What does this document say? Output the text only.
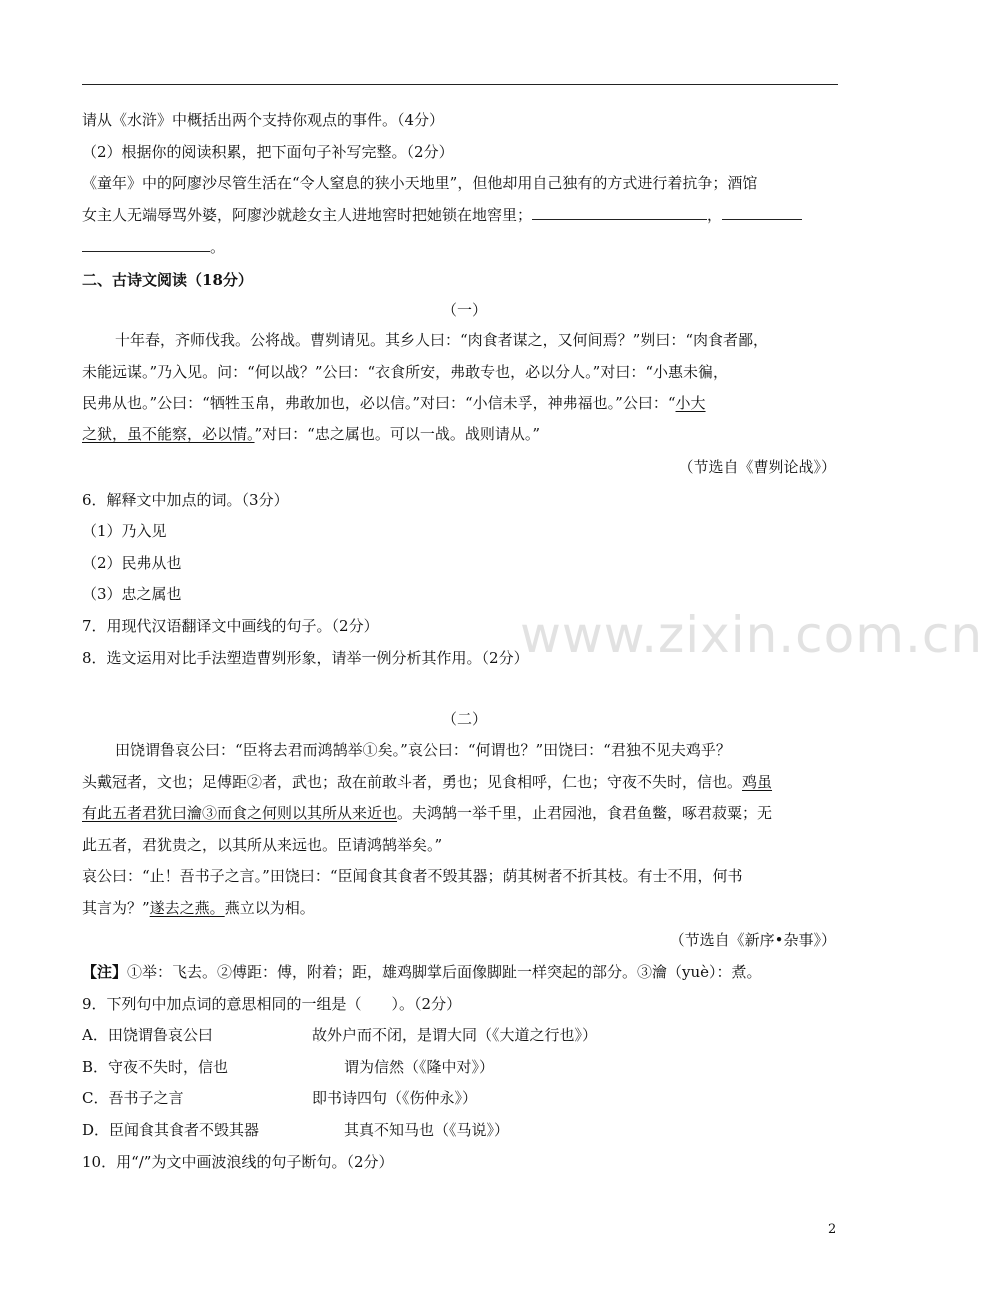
www.zixin.com.cn
请从《水浒》中概括出两个支持你观点的事件。（4分）
（2）根据你的阅读积累，把下面句子补写完整。（2分）
《童年》中的阿廖沙尽管生活在“令人窒息的狭小天地里”，但他却用自己独有的方式进行着抗争；酒馆
女主人无端辱骂外婆，阿廖沙就趁女主人进地窖时把她锁在地窖里；	，
。
二、古诗文阅读（18分）
（一）
十年春，齐师伐我。公将战。曹刿请见。其乡人曰：“肉食者谋之，又何间焉？”刿曰：“肉食者鄙，
未能远谋。”乃入见。问：“何以战？”公曰：“衣食所安，弗敢专也，必以分人。”对曰：“小惠未徧，
民弗从也。”公曰：“牺牲玉帛，弗敢加也，必以信。”对曰：“小信未孚，神弗福也。”公曰：“小大
之狱，虽不能察，必以情。”对曰：“忠之属也。可以一战。战则请从。”
（节选自《曹刿论战》）
6．解释文中加点的词。（3分）
（1）乃入见
（2）民弗从也
（3）忠之属也
7．用现代汉语翻译文中画线的句子。（2分）
8．选文运用对比手法塑造曹刿形象，请举一例分析其作用。（2分）
（二）
田饶谓鲁哀公曰：“臣将去君而鸿鹄举①矣。”哀公曰：“何谓也？”田饶曰：“君独不见夫鸡乎？
头戴冠者，文也；足傅距②者，武也；敌在前敢斗者，勇也；见食相呼，仁也；守夜不失时，信也。鸡虽
有此五者君犹曰瀹③而食之何则以其所从来近也。夫鸿鹄一举千里，止君园池，食君鱼鳖，啄君菽粟；无
此五者，君犹贵之，以其所从来远也。臣请鸿鹄举矣。”
哀公曰：“止！吾书子之言。”田饶曰：“臣闻食其食者不毁其器；荫其树者不折其枝。有士不用，何书
其言为？”遂去之燕。燕立以为相。
（节选自《新序•杂事》）
【注】①举：飞去。②傅距：傅，附着；距，雄鸡脚掌后面像脚趾一样突起的部分。③瀹（yuè）：煮。
9．下列句中加点词的意思相同的一组是（　　）。（2分）
A．田饶谓鲁哀公曰	故外户而不闭，是谓大同（《大道之行也》）
B．守夜不失时，信也	谓为信然（《隆中对》）
C．吾书子之言	即书诗四句（《伤仲永》）
D．臣闻食其食者不毁其器	其真不知马也（《马说》）
10．用“/”为文中画波浪线的句子断句。（2分）
2
